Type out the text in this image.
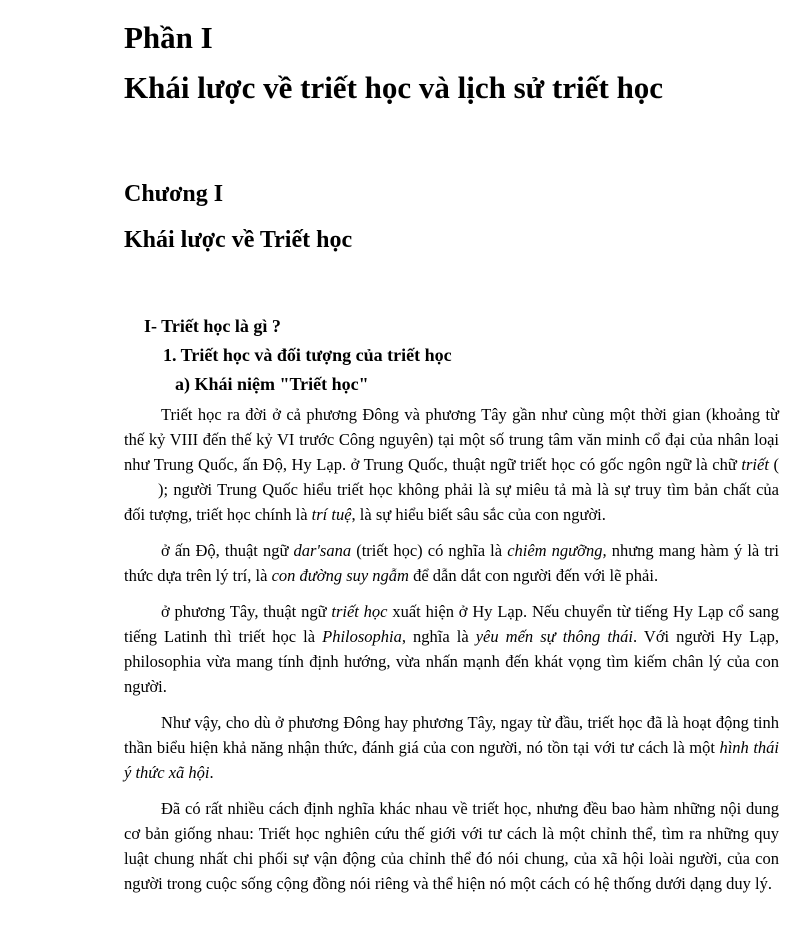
Phần I
Khái lược về triết học và lịch sử triết học
Chương I
Khái lược về Triết học
I- Triết học là gì ?
1. Triết học và đối tượng của triết học
a) Khái niệm "Triết học"

Triết học ra đời ở cả phương Đông và phương Tây gần như cùng một thời gian (khoảng từ thế kỷ VIII đến thế kỷ VI trước Công nguyên) tại một số trung tâm văn minh cổ đại của nhân loại như Trung Quốc, ấn Độ, Hy Lạp. ở Trung Quốc, thuật ngữ triết học có gốc ngôn ngữ là chữ triết (); người Trung Quốc hiểu triết học không phải là sự miêu tả mà là sự truy tìm bản chất của đối tượng, triết học chính là trí tuệ, là sự hiểu biết sâu sắc của con người.

ở ấn Độ, thuật ngữ dar'sana (triết học) có nghĩa là chiêm ngưỡng, nhưng mang hàm ý là tri thức dựa trên lý trí, là con đường suy ngẫm để dẫn dắt con người đến với lẽ phải.

ở phương Tây, thuật ngữ triết học xuất hiện ở Hy Lạp. Nếu chuyển từ tiếng Hy Lạp cổ sang tiếng Latinh thì triết học là Philosophia, nghĩa là yêu mến sự thông thái. Với người Hy Lạp, philosophia vừa mang tính định hướng, vừa nhấn mạnh đến khát vọng tìm kiếm chân lý của con người.

Như vậy, cho dù ở phương Đông hay phương Tây, ngay từ đầu, triết học đã là hoạt động tinh thần biểu hiện khả năng nhận thức, đánh giá của con người, nó tồn tại với tư cách là một hình thái ý thức xã hội.

Đã có rất nhiều cách định nghĩa khác nhau về triết học, nhưng đều bao hàm những nội dung cơ bản giống nhau: Triết học nghiên cứu thế giới với tư cách là một chỉnh thể, tìm ra những quy luật chung nhất chi phối sự vận động của chỉnh thể đó nói chung, của xã hội loài người, của con người trong cuộc sống cộng đồng nói riêng và thể hiện nó một cách có hệ thống dưới dạng duy lý.
